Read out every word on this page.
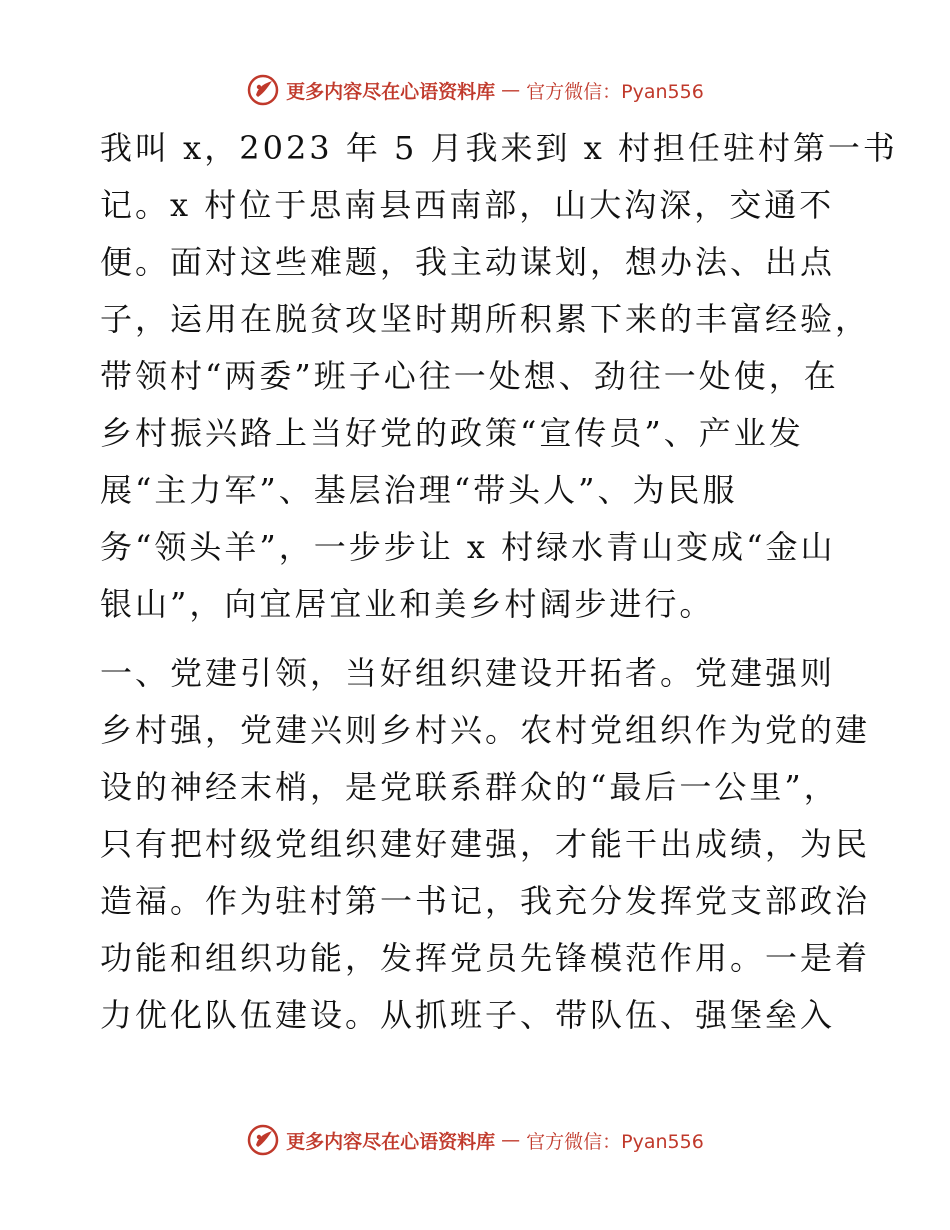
更多内容尽在心语资料库 — 官方微信：Pyan556
我叫 x，2023 年 5 月我来到 x 村担任驻村第一书
记。x 村位于思南县西南部，山大沟深，交通不
便。面对这些难题，我主动谋划，想办法、出点
子，运用在脱贫攻坚时期所积累下来的丰富经验，
带领村“两委”班子心往一处想、劲往一处使，在
乡村振兴路上当好党的政策“宣传员”、产业发
展“主力军”、基层治理“带头人”、为民服
务“领头羊”，一步步让 x 村绿水青山变成“金山
银山”，向宜居宜业和美乡村阔步进行。
一、党建引领，当好组织建设开拓者。党建强则
乡村强，党建兴则乡村兴。农村党组织作为党的建
设的神经末梢，是党联系群众的“最后一公里”，
只有把村级党组织建好建强，才能干出成绩，为民
造福。作为驻村第一书记，我充分发挥党支部政治
功能和组织功能，发挥党员先锋模范作用。一是着
力优化队伍建设。从抓班子、带队伍、强堡垒入
更多内容尽在心语资料库 — 官方微信：Pyan556
